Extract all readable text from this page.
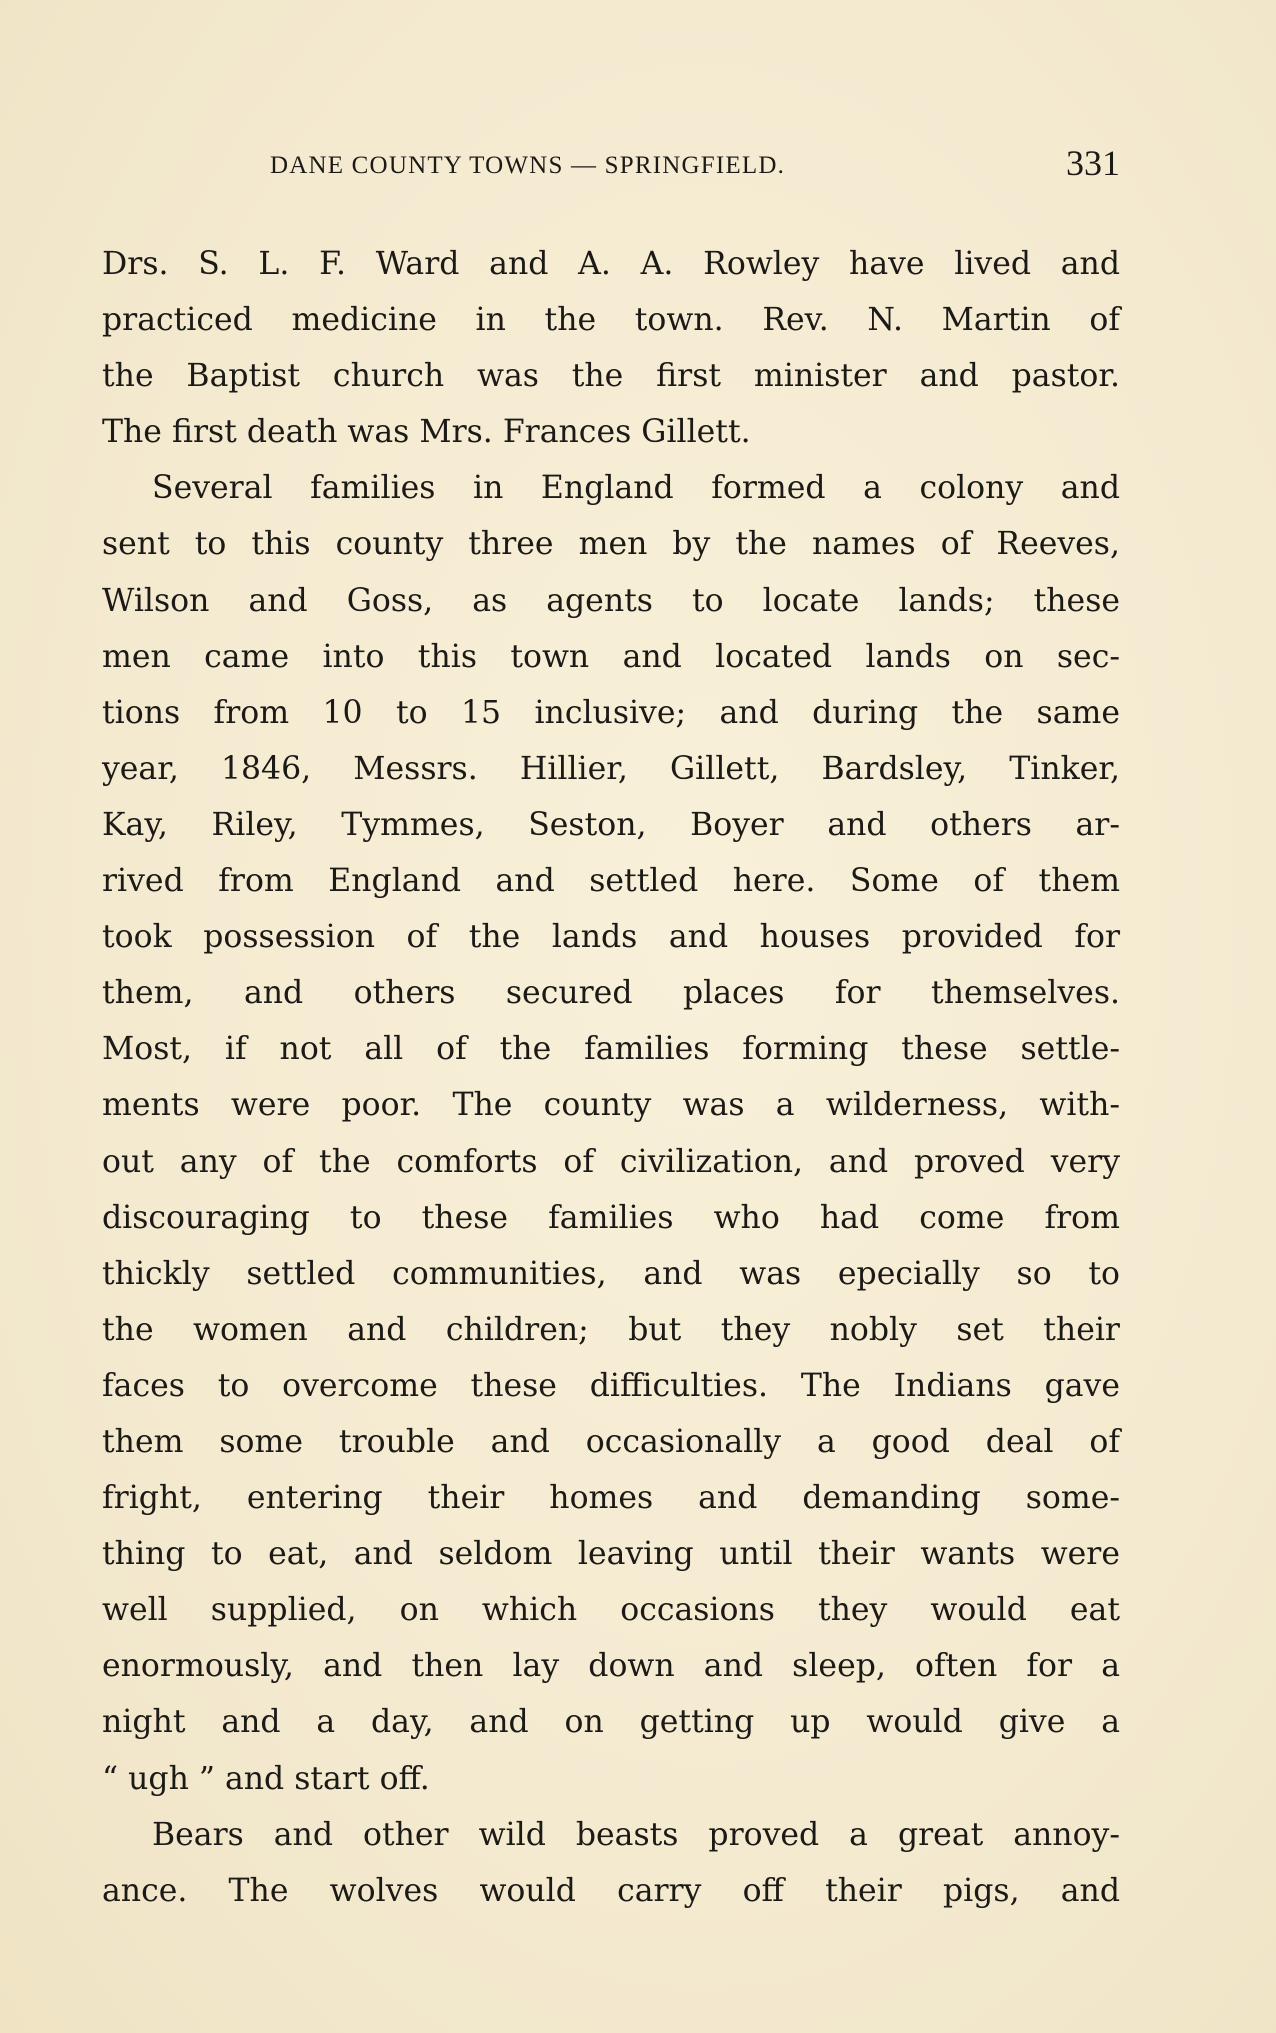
DANE COUNTY TOWNS — SPRINGFIELD.	331
Drs. S. L. F. Ward and A. A. Rowley have lived and
practiced medicine in the town. Rev. N. Martin of
the Baptist church was the first minister and pastor.
The first death was Mrs. Frances Gillett.
Several families in England formed a colony and
sent to this county three men by the names of Reeves,
Wilson and Goss, as agents to locate lands; these
men came into this town and located lands on sec-
tions from 10 to 15 inclusive; and during the same
year, 1846, Messrs. Hillier, Gillett, Bardsley, Tinker,
Kay, Riley, Tymmes, Seston, Boyer and others ar-
rived from England and settled here. Some of them
took possession of the lands and houses provided for
them, and others secured places for themselves.
Most, if not all of the families forming these settle-
ments were poor. The county was a wilderness, with-
out any of the comforts of civilization, and proved very
discouraging to these families who had come from
thickly settled communities, and was epecially so to
the women and children; but they nobly set their
faces to overcome these difficulties. The Indians gave
them some trouble and occasionally a good deal of
fright, entering their homes and demanding some-
thing to eat, and seldom leaving until their wants were
well supplied, on which occasions they would eat
enormously, and then lay down and sleep, often for a
night and a day, and on getting up would give a
“ ugh ” and start off.
Bears and other wild beasts proved a great annoy-
ance. The wolves would carry off their pigs, and
